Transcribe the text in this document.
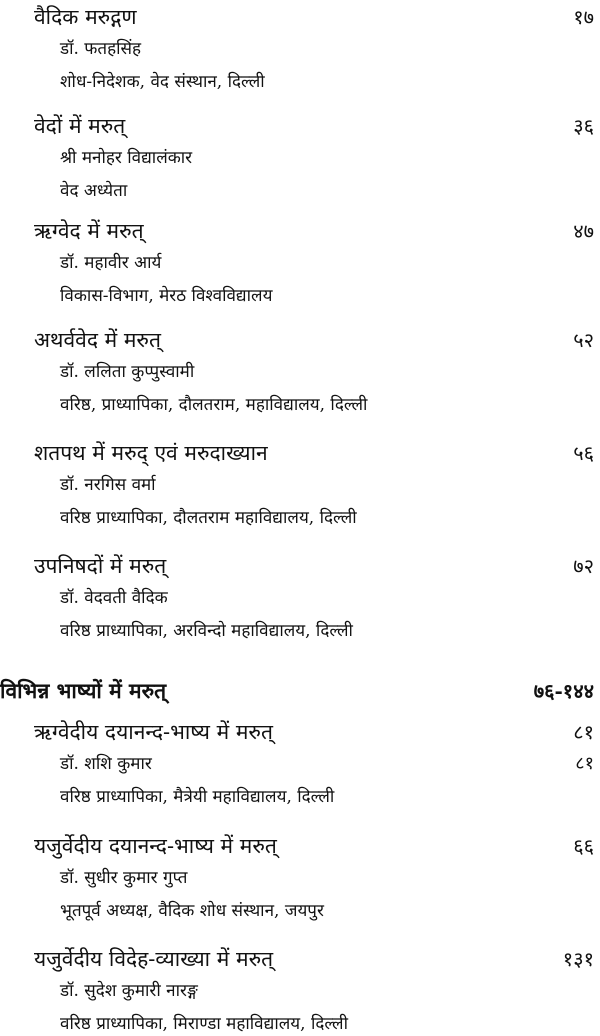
वैदिक मरुद्गण	१७
डॉ. फतहसिंह
शोध-निदेशक, वेद संस्थान, दिल्ली
वेदों में मरुत्	३६
श्री मनोहर विद्यालंकार
वेद अध्येता
ऋग्वेद में मरुत्	४७
डॉ. महावीर आर्य
विकास-विभाग, मेरठ विश्वविद्यालय
अथर्ववेद में मरुत्	५२
डॉ. ललिता कुप्पुस्वामी
वरिष्ठ, प्राध्यापिका, दौलतराम, महाविद्यालय, दिल्ली
शतपथ में मरुद् एवं मरुदाख्यान	५६
डॉ. नरगिस वर्मा
वरिष्ठ प्राध्यापिका, दौलतराम महाविद्यालय, दिल्ली
उपनिषदों में मरुत्	७२
डॉ. वेदवती वैदिक
वरिष्ठ प्राध्यापिका, अरविन्दो महाविद्यालय, दिल्ली
विभिन्न भाष्यों में मरुत्	७६-१४४
ऋग्वेदीय दयानन्द-भाष्य में मरुत्	८१
डॉ. शशि कुमार	८१
वरिष्ठ प्राध्यापिका, मैत्रेयी महाविद्यालय, दिल्ली
यजुर्वेदीय दयानन्द-भाष्य में मरुत्	६६
डॉ. सुधीर कुमार गुप्त
भूतपूर्व अध्यक्ष, वैदिक शोध संस्थान, जयपुर
यजुर्वेदीय विदेह-व्याख्या में मरुत्	१३१
डॉ. सुदेश कुमारी नारङ्ग
वरिष्ठ प्राध्यापिका, मिराण्डा महाविद्यालय, दिल्ली
